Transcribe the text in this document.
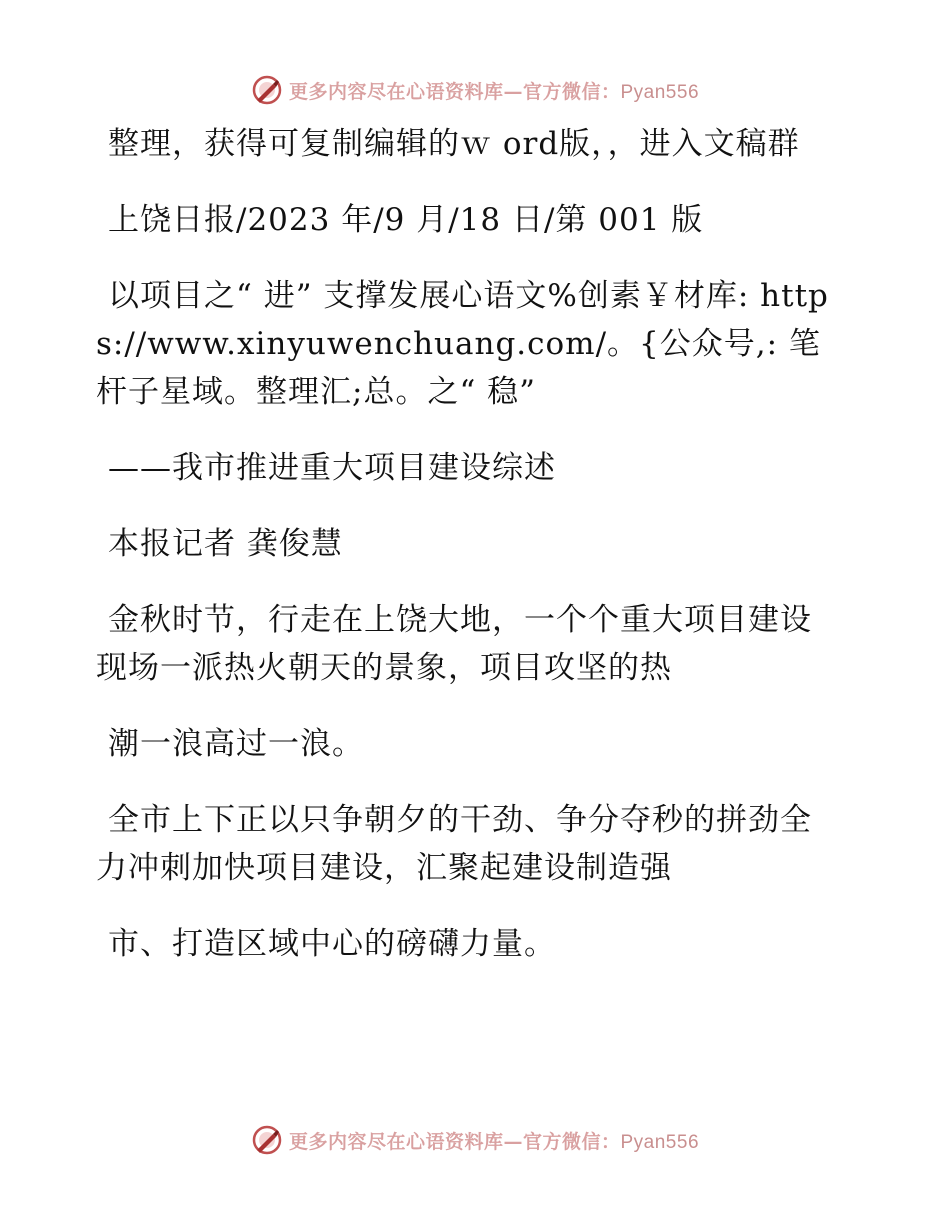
更多内容尽在心语资料库—官方微信：Pyan556

整理，获得可复制编辑的ｗ ord版，，进入文稿群

上饶日报/2023 年/9 月/18 日/第 001 版

以项目之“ 进” 支撑发展心语文%创素￥材库: https://www.xinyuwenchuang.com/。{公众号,: 笔杆子星域。整理汇;总。之“ 稳”

——我市推进重大项目建设综述

本报记者 龚俊慧

金秋时节，行走在上饶大地，一个个重大项目建设现场一派热火朝天的景象，项目攻坚的热

潮一浪高过一浪。

全市上下正以只争朝夕的干劲、争分夺秒的拼劲全力冲刺加快项目建设，汇聚起建设制造强

市、打造区域中心的磅礴力量。

更多内容尽在心语资料库—官方微信：Pyan556
